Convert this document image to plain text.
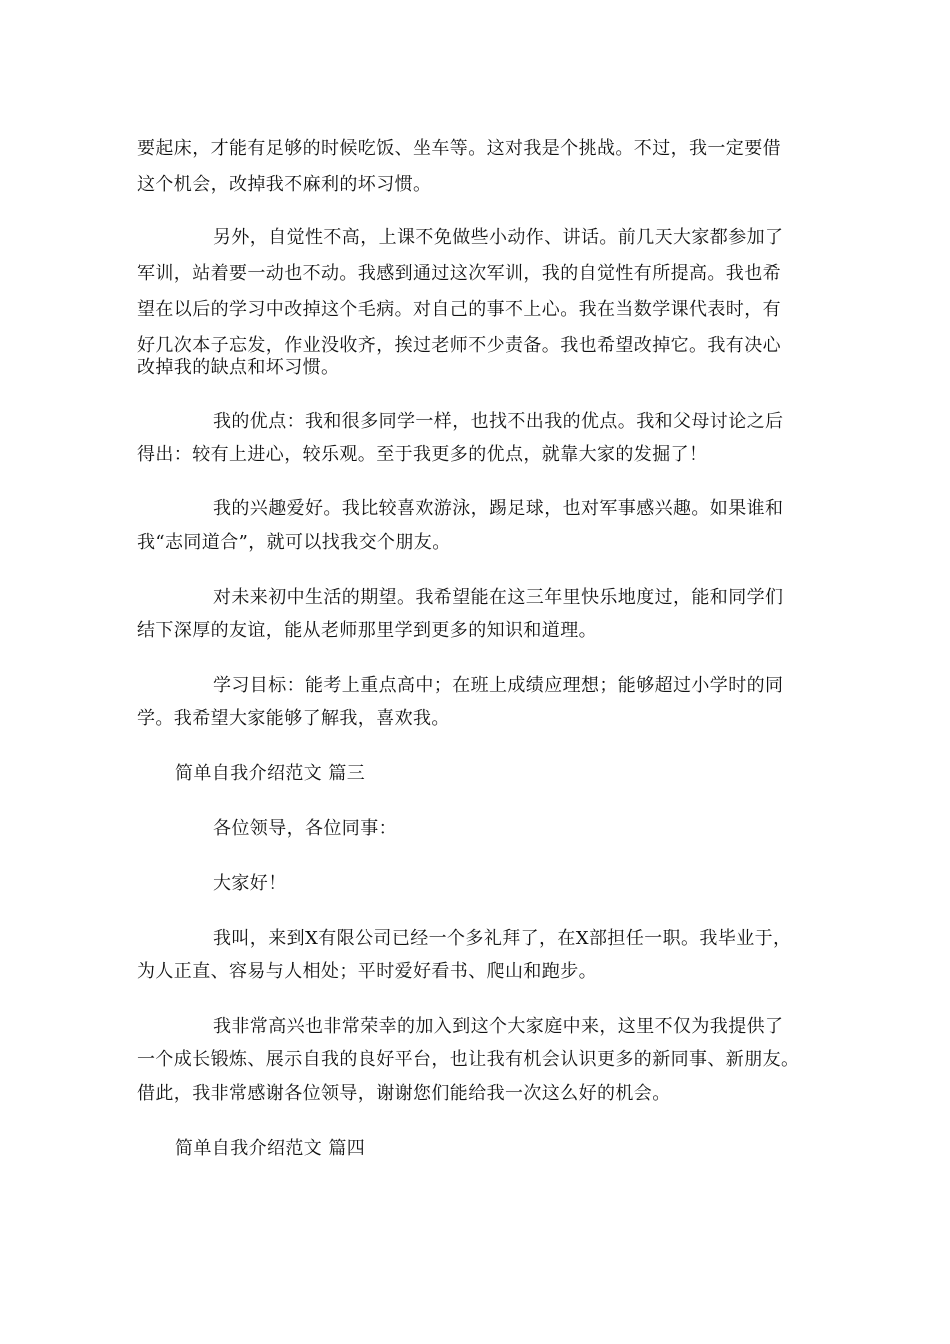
要起床，才能有足够的时候吃饭、坐车等。这对我是个挑战。不过，我一定要借
这个机会，改掉我不麻利的坏习惯。
另外，自觉性不高，上课不免做些小动作、讲话。前几天大家都参加了
军训，站着要一动也不动。我感到通过这次军训，我的自觉性有所提高。我也希
望在以后的学习中改掉这个毛病。对自己的事不上心。我在当数学课代表时，有
好几次本子忘发，作业没收齐，挨过老师不少责备。我也希望改掉它。我有决心
改掉我的缺点和坏习惯。
我的优点：我和很多同学一样，也找不出我的优点。我和父母讨论之后
得出：较有上进心，较乐观。至于我更多的优点，就靠大家的发掘了！
我的兴趣爱好。我比较喜欢游泳，踢足球，也对军事感兴趣。如果谁和
我“志同道合”，就可以找我交个朋友。
对未来初中生活的期望。我希望能在这三年里快乐地度过，能和同学们
结下深厚的友谊，能从老师那里学到更多的知识和道理。
学习目标：能考上重点高中；在班上成绩应理想；能够超过小学时的同
学。我希望大家能够了解我，喜欢我。
简单自我介绍范文 篇三
各位领导，各位同事：
大家好！
我叫，来到X有限公司已经一个多礼拜了，在X部担任一职。我毕业于，
为人正直、容易与人相处；平时爱好看书、爬山和跑步。
我非常高兴也非常荣幸的加入到这个大家庭中来，这里不仅为我提供了
一个成长锻炼、展示自我的良好平台，也让我有机会认识更多的新同事、新朋友。
借此，我非常感谢各位领导，谢谢您们能给我一次这么好的机会。
简单自我介绍范文 篇四
